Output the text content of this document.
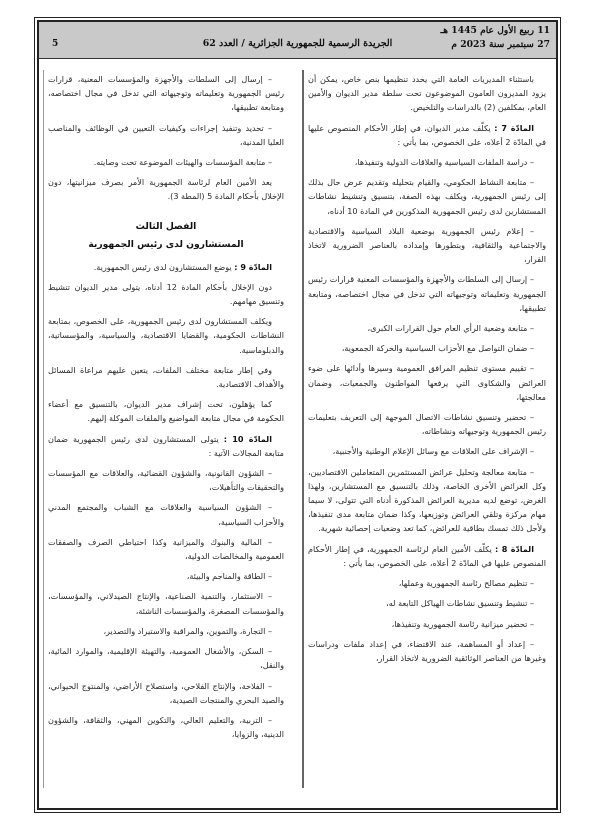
11 ربيع الأول عام 1445 هـ
27 سبتمبر سنة 2023 م
الجريدة الرسمية للجمهورية الجزائرية / العدد 62
5

باستثناء المديريات العامة التي يحدد تنظيمها بنص خاص، يمكن أن يزود المديرون العامون الموضوعون تحت سلطة مدير الديوان والأمين العام، بمكلفين (2) بالدراسات والتلخيص.

المادّة 7 : يكلّف مدير الديوان، في إطار الأحكام المنصوص عليها في المادّة 2 أعلاه، على الخصوص، بما يأتي :

– دراسة الملفات السياسية والعلاقات الدولية وتنفيذها،

– متابعة النشاط الحكومي، والقيام بتحليله وتقديم عرض حال بذلك إلى رئيس الجمهورية، ويكلف بهذه الصفة، بتنسيق وتنشيط نشاطات المستشارين لدى رئيس الجمهورية المذكورين في المادة 10 أدناه،

– إعلام رئيس الجمهورية بوضعية البلاد السياسية والاقتصادية والاجتماعية والثقافية، وبتطورها وإمداده بالعناصر الضرورية لاتخاذ القرار،

– إرسال إلى السلطات والأجهزة والمؤسسات المعنية قرارات رئيس الجمهورية وتعليماته وتوجيهاته التي تدخل في مجال اختصاصه، ومتابعة تطبيقها،

– متابعة وضعية الرأي العام حول القرارات الكبرى،

– ضمان التواصل مع الأحزاب السياسية والحركة الجمعوية،

– تقييم مستوى تنظيم المرافق العمومية وسيرها وأدائها على ضوء العرائض والشكاوى التي يرفعها المواطنون والجمعيات، وضمان معالجتها،

– تحضير وتنسيق نشاطات الاتصال الموجهة إلى التعريف بتعليمات رئيس الجمهورية وتوجيهاته ونشاطاته،

– الإشراف على العلاقات مع وسائل الإعلام الوطنية والأجنبية،

– متابعة معالجة وتحليل عرائض المستثمرين المتعاملين الاقتصاديين، وكل العرائض الأخرى الخاصة، وذلك بالتنسيق مع المستشارين، ولهذا الغرض، توضع لديه مديرية العرائض المذكورة أدناه التي تتولى، لا سيما مهام مركزة وتلقي العرائض وتوزيعها، وكذا ضمان متابعة مدى تنفيذها، ولأجل ذلك تمسك بطاقية للعرائض، كما تعد وضعيات إحصائية شهرية.

المادّة 8 : يكلّف الأمين العام لرئاسة الجمهورية، في إطار الأحكام المنصوص عليها في المادّة 2 أعلاه، على الخصوص، بما يأتي :

– تنظيم مصالح رئاسة الجمهورية وعملها،

– تنشيط وتنسيق نشاطات الهياكل التابعة له،

– تحضير ميزانية رئاسة الجمهورية وتنفيذها،

– إعداد أو المساهمة، عند الاقتضاء، في إعداد ملفات ودراسات وغيرها من العناصر الوثائقية الضرورية لاتخاذ القرار،

– إرسال إلى السلطات والأجهزة والمؤسسات المعنية، قرارات رئيس الجمهورية وتعليماته وتوجيهاته التي تدخل في مجال اختصاصه، ومتابعة تطبيقها،

– تحديد وتنفيذ إجراءات وكيفيات التعيين في الوظائف والمناصب العليا المدنية،

– متابعة المؤسسات والهيئات الموضوعة تحت وصايته.

يعد الأمين العام لرئاسة الجمهورية الأمر بصرف ميزانيتها، دون الإخلال بأحكام المادة 5 (المطة 3).

الفصل الثالث
المستشارون لدى رئيس الجمهورية

المادّة 9 : يوضع المستشارون لدى رئيس الجمهورية.

دون الإخلال بأحكام المادة 12 أدناه، يتولى مدير الديوان تنشيط وتنسيق مهامهم.

ويكلف المستشارون لدى رئيس الجمهورية، على الخصوص، بمتابعة النشاطات الحكومية، والقضايا الاقتصادية، والسياسية، والمؤسساتية، والدبلوماسية.

وفي إطار متابعة مختلف الملفات، يتعين عليهم مراعاة المسائل والأهداف الاقتصادية.

كما يؤهلون، تحت إشراف مدير الديوان، بالتنسيق مع أعضاء الحكومة في مجال متابعة المواضيع والملفات الموكلة إليهم.

المادّة 10 : يتولى المستشارون لدى رئيس الجمهورية ضمان متابعة المجالات الآتية :

– الشؤون القانونية، والشؤون القضائية، والعلاقات مع المؤسسات والتحقيقات والتأهيلات،

– الشؤون السياسية والعلاقات مع الشباب والمجتمع المدني والأحزاب السياسية،

– المالية والبنوك والميزانية وكذا احتياطي الصرف والصفقات العمومية والمخالصات الدولية،

– الطاقة والمناجم والبيئة،

– الاستثمار، والتنمية الصناعية، والإنتاج الصيدلاني، والمؤسسات، والمؤسسات المصغرة، والمؤسسات الناشئة،

– التجارة، والتموين، والمراقبة والاستيراد والتصدير،

– السكن، والأشغال العمومية، والتهيئة الإقليمية، والموارد المائية، والنقل،

– الفلاحة، والإنتاج الفلاحي، واستصلاح الأراضي، والمنتوج الحيواني، والصيد البحري والمنتجات الصيدية،

– التربية، والتعليم العالي، والتكوين المهني، والثقافة، والشؤون الدينية، والزوايا،
